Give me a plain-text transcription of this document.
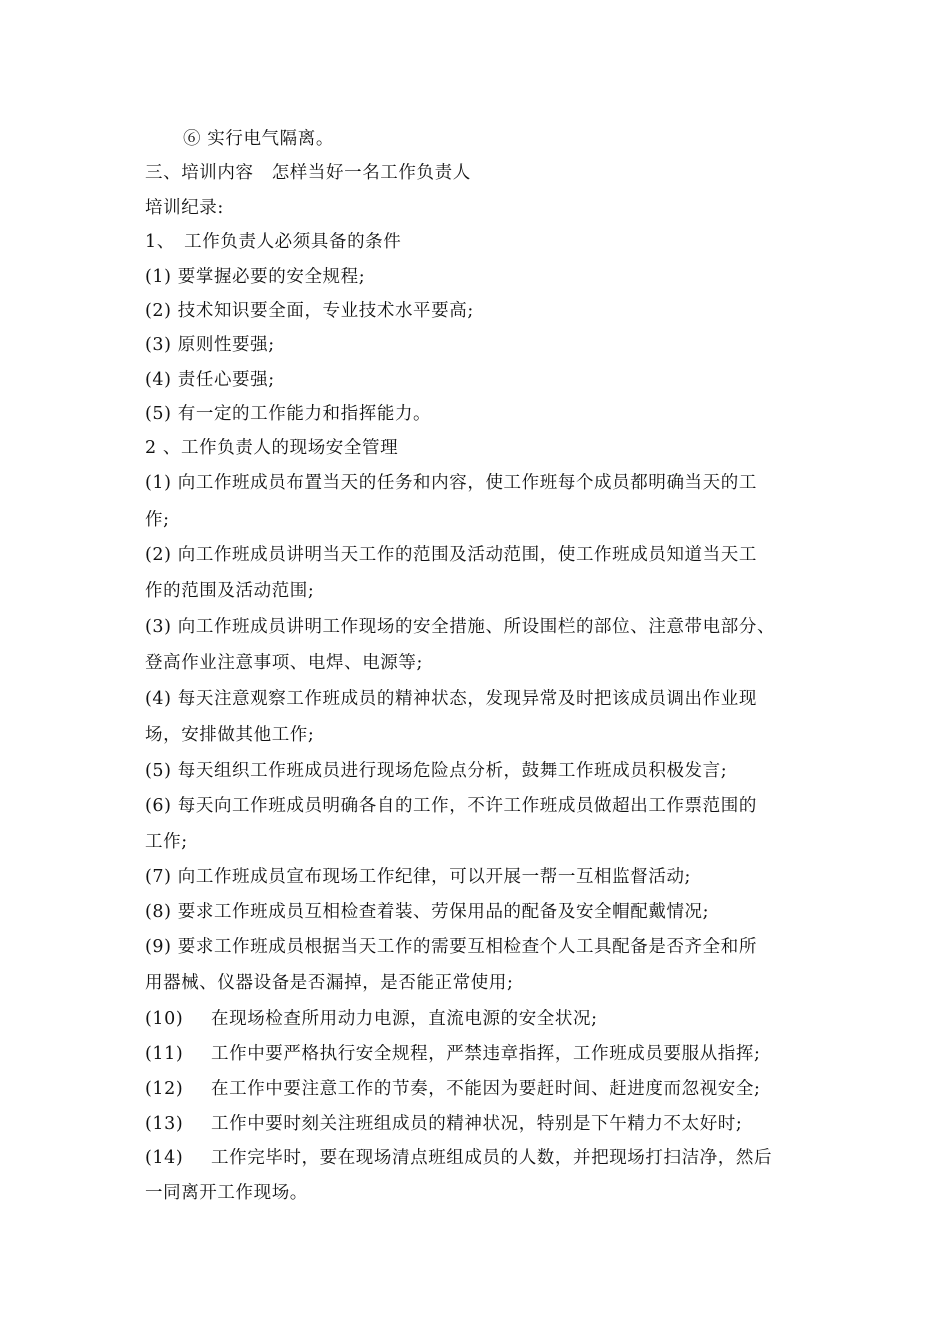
⑥ 实行电气隔离。
三、培训内容　怎样当好一名工作负责人
培训纪录:
1、　工作负责人必须具备的条件
(1) 要掌握必要的安全规程;
(2) 技术知识要全面，专业技术水平要高;
(3) 原则性要强;
(4) 责任心要强;
(5) 有一定的工作能力和指挥能力。
2 、工作负责人的现场安全管理
(1) 向工作班成员布置当天的任务和内容，使工作班每个成员都明确当天的工
作;
(2) 向工作班成员讲明当天工作的范围及活动范围，使工作班成员知道当天工
作的范围及活动范围;
(3) 向工作班成员讲明工作现场的安全措施、所设围栏的部位、注意带电部分、
登高作业注意事项、电焊、电源等;
(4) 每天注意观察工作班成员的精神状态，发现异常及时把该成员调出作业现
场，安排做其他工作;
(5) 每天组织工作班成员进行现场危险点分析，鼓舞工作班成员积极发言;
(6) 每天向工作班成员明确各自的工作，不许工作班成员做超出工作票范围的
工作;
(7) 向工作班成员宣布现场工作纪律，可以开展一帮一互相监督活动;
(8) 要求工作班成员互相检查着装、劳保用品的配备及安全帽配戴情况;
(9) 要求工作班成员根据当天工作的需要互相检查个人工具配备是否齐全和所
用器械、仪器设备是否漏掉，是否能正常使用;
(10) 在现场检查所用动力电源，直流电源的安全状况;
(11) 工作中要严格执行安全规程，严禁违章指挥，工作班成员要服从指挥;
(12) 在工作中要注意工作的节奏，不能因为要赶时间、赶进度而忽视安全;
(13) 工作中要时刻关注班组成员的精神状况，特别是下午精力不太好时;
(14) 工作完毕时，要在现场清点班组成员的人数，并把现场打扫洁净，然后
一同离开工作现场。
